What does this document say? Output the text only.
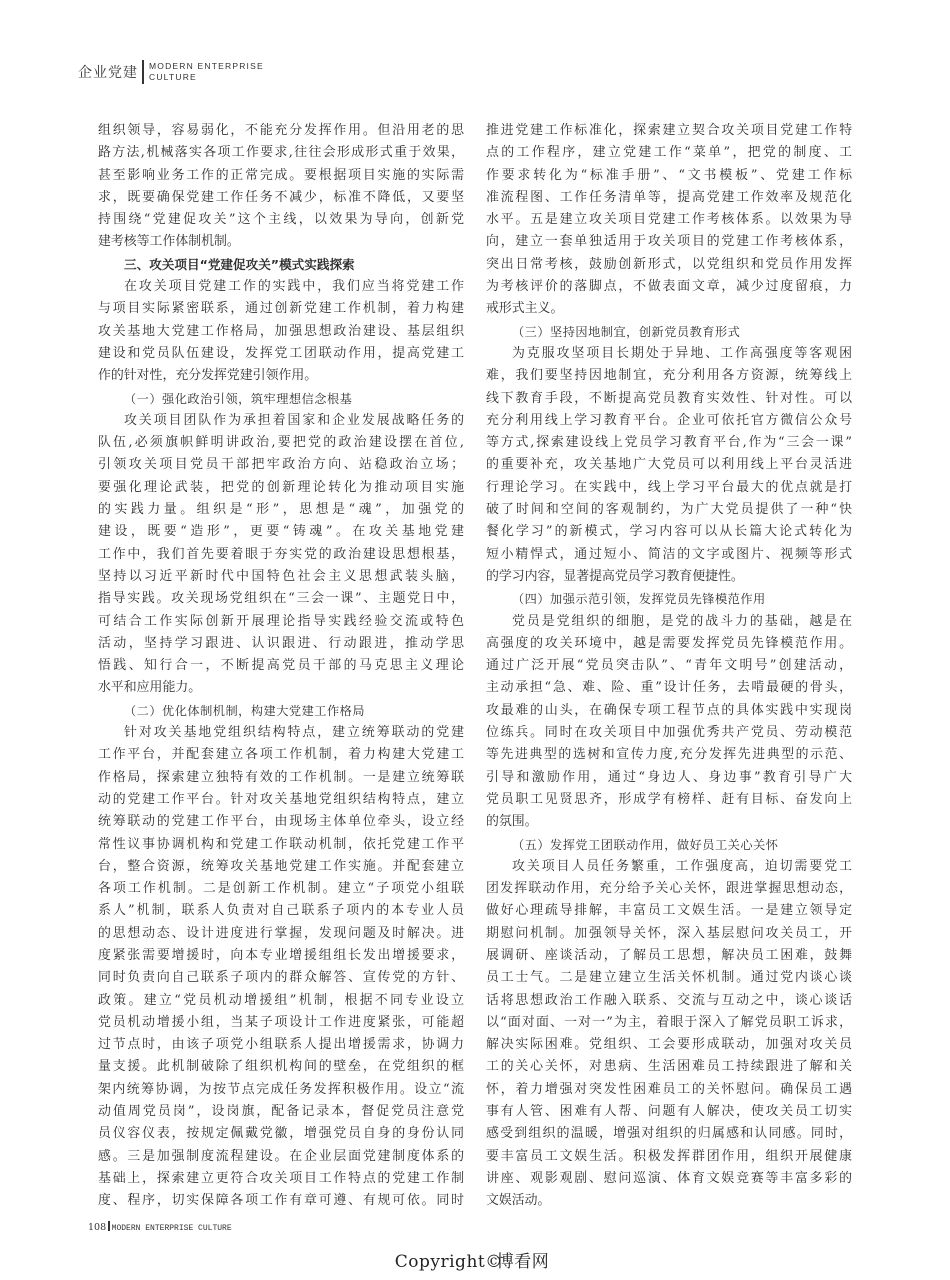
企业党建 MODERN ENTERPRISE
CULTURE
组织领导，容易弱化，不能充分发挥作用。但沿用老的思
路方法,机械落实各项工作要求,往往会形成形式重于效果，
甚至影响业务工作的正常完成。要根据项目实施的实际需
求，既要确保党建工作任务不减少，标准不降低，又要坚
持围绕“党建促攻关”这个主线，以效果为导向，创新党
建考核等工作体制机制。
三、攻关项目“党建促攻关”模式实践探索
在攻关项目党建工作的实践中，我们应当将党建工作
与项目实际紧密联系，通过创新党建工作机制，着力构建
攻关基地大党建工作格局，加强思想政治建设、基层组织
建设和党员队伍建设，发挥党工团联动作用，提高党建工
作的针对性，充分发挥党建引领作用。
（一）强化政治引领，筑牢理想信念根基
攻关项目团队作为承担着国家和企业发展战略任务的
队伍,必须旗帜鲜明讲政治,要把党的政治建设摆在首位,
引领攻关项目党员干部把牢政治方向、站稳政治立场；
要强化理论武装，把党的创新理论转化为推动项目实施
的实践力量。组织是“形”，思想是“魂”，加强党的
建设，既要“造形”，更要“铸魂”。在攻关基地党建
工作中，我们首先要着眼于夯实党的政治建设思想根基，
坚持以习近平新时代中国特色社会主义思想武装头脑，
指导实践。攻关现场党组织在“三会一课”、主题党日中，
可结合工作实际创新开展理论指导实践经验交流或特色
活动，坚持学习跟进、认识跟进、行动跟进，推动学思
悟践、知行合一，不断提高党员干部的马克思主义理论
水平和应用能力。
（二）优化体制机制，构建大党建工作格局
针对攻关基地党组织结构特点，建立统筹联动的党建
工作平台，并配套建立各项工作机制，着力构建大党建工
作格局，探索建立独特有效的工作机制。一是建立统筹联
动的党建工作平台。针对攻关基地党组织结构特点，建立
统筹联动的党建工作平台，由现场主体单位牵头，设立经
常性议事协调机构和党建工作联动机制，依托党建工作平
台，整合资源，统筹攻关基地党建工作实施。并配套建立
各项工作机制。二是创新工作机制。建立“子项党小组联
系人”机制，联系人负责对自己联系子项内的本专业人员
的思想动态、设计进度进行掌握，发现问题及时解决。进
度紧张需要增援时，向本专业增援组组长发出增援要求，
同时负责向自己联系子项内的群众解答、宣传党的方针、
政策。建立“党员机动增援组”机制，根据不同专业设立
党员机动增援小组，当某子项设计工作进度紧张，可能超
过节点时，由该子项党小组联系人提出增援需求，协调力
量支援。此机制破除了组织机构间的壁垒，在党组织的框
架内统筹协调，为按节点完成任务发挥积极作用。设立“流
动值周党员岗”，设岗旗，配备记录本，督促党员注意党
员仪容仪表，按规定佩戴党徽，增强党员自身的身份认同
感。三是加强制度流程建设。在企业层面党建制度体系的
基础上，探索建立更符合攻关项目工作特点的党建工作制
度、程序，切实保障各项工作有章可遵、有规可依。同时
推进党建工作标准化，探索建立契合攻关项目党建工作特
点的工作程序，建立党建工作“菜单”，把党的制度、工
作要求转化为“标准手册”、“文书模板”、党建工作标
准流程图、工作任务清单等，提高党建工作效率及规范化
水平。五是建立攻关项目党建工作考核体系。以效果为导
向，建立一套单独适用于攻关项目的党建工作考核体系，
突出日常考核，鼓励创新形式，以党组织和党员作用发挥
为考核评价的落脚点，不做表面文章，减少过度留痕，力
戒形式主义。
（三）坚持因地制宜，创新党员教育形式
为克服攻坚项目长期处于异地、工作高强度等客观困
难，我们要坚持因地制宜，充分利用各方资源，统筹线上
线下教育手段，不断提高党员教育实效性、针对性。可以
充分利用线上学习教育平台。企业可依托官方微信公众号
等方式,探索建设线上党员学习教育平台,作为“三会一课”
的重要补充，攻关基地广大党员可以利用线上平台灵活进
行理论学习。在实践中，线上学习平台最大的优点就是打
破了时间和空间的客观制约，为广大党员提供了一种“快
餐化学习”的新模式，学习内容可以从长篇大论式转化为
短小精悍式，通过短小、简洁的文字或图片、视频等形式
的学习内容，显著提高党员学习教育便捷性。
（四）加强示范引领，发挥党员先锋模范作用
党员是党组织的细胞，是党的战斗力的基础，越是在
高强度的攻关环境中，越是需要发挥党员先锋模范作用。
通过广泛开展“党员突击队”、“青年文明号”创建活动，
主动承担“急、难、险、重”设计任务，去啃最硬的骨头，
攻最难的山头，在确保专项工程节点的具体实践中实现岗
位练兵。同时在攻关项目中加强优秀共产党员、劳动模范
等先进典型的选树和宣传力度,充分发挥先进典型的示范、
引导和激励作用，通过“身边人、身边事”教育引导广大
党员职工见贤思齐，形成学有榜样、赶有目标、奋发向上
的氛围。
（五）发挥党工团联动作用，做好员工关心关怀
攻关项目人员任务繁重，工作强度高，迫切需要党工
团发挥联动作用，充分给予关心关怀，跟进掌握思想动态，
做好心理疏导排解，丰富员工文娱生活。一是建立领导定
期慰问机制。加强领导关怀，深入基层慰问攻关员工，开
展调研、座谈活动，了解员工思想，解决员工困难，鼓舞
员工士气。二是建立建立生活关怀机制。通过党内谈心谈
话将思想政治工作融入联系、交流与互动之中，谈心谈话
以“面对面、一对一”为主，着眼于深入了解党员职工诉求，
解决实际困难。党组织、工会要形成联动，加强对攻关员
工的关心关怀，对患病、生活困难员工持续跟进了解和关
怀，着力增强对突发性困难员工的关怀慰问。确保员工遇
事有人管、困难有人帮、问题有人解决，使攻关员工切实
感受到组织的温暖，增强对组织的归属感和认同感。同时，
要丰富员工文娱生活。积极发挥群团作用，组织开展健康
讲座、观影观剧、慰问巡演、体育文娱竞赛等丰富多彩的
文娱活动。
108 MODERN ENTERPRISE CULTURE
Copyright©博看网
